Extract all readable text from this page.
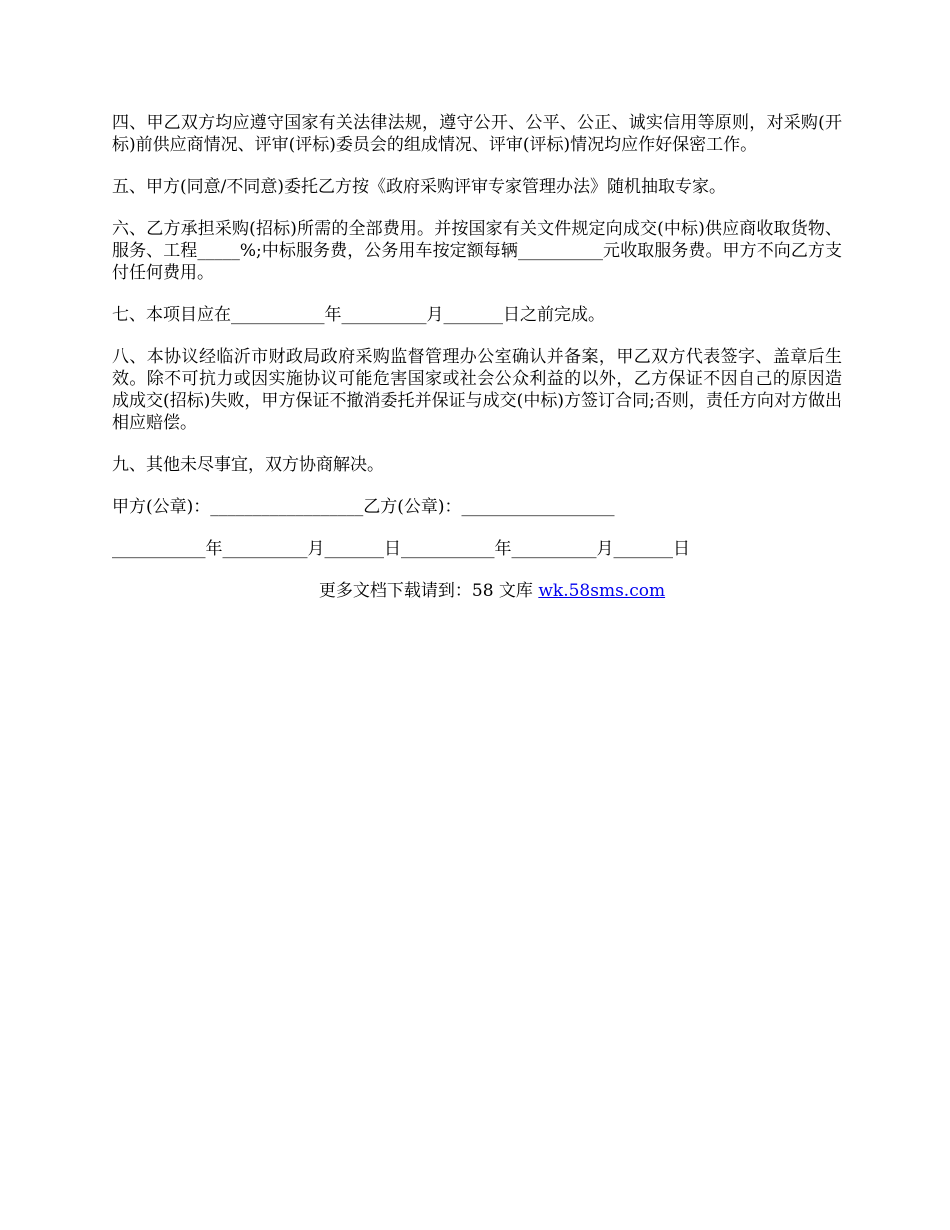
四、甲乙双方均应遵守国家有关法律法规，遵守公开、公平、公正、诚实信用等原则，对采购(开标)前供应商情况、评审(评标)委员会的组成情况、评审(评标)情况均应作好保密工作。

五、甲方(同意/不同意)委托乙方按《政府采购评审专家管理办法》随机抽取专家。

六、乙方承担采购(招标)所需的全部费用。并按国家有关文件规定向成交(中标)供应商收取货物、服务、工程_____%;中标服务费，公务用车按定额每辆__________元收取服务费。甲方不向乙方支付任何费用。

七、本项目应在___________年__________月_______日之前完成。

八、本协议经临沂市财政局政府采购监督管理办公室确认并备案，甲乙双方代表签字、盖章后生效。除不可抗力或因实施协议可能危害国家或社会公众利益的以外，乙方保证不因自己的原因造成成交(招标)失败，甲方保证不撤消委托并保证与成交(中标)方签订合同;否则，责任方向对方做出相应赔偿。

九、其他未尽事宜，双方协商解决。

甲方(公章)：__________________乙方(公章)：__________________

___________年__________月_______日___________年__________月_______日

更多文档下载请到：58 文库 wk.58sms.com
